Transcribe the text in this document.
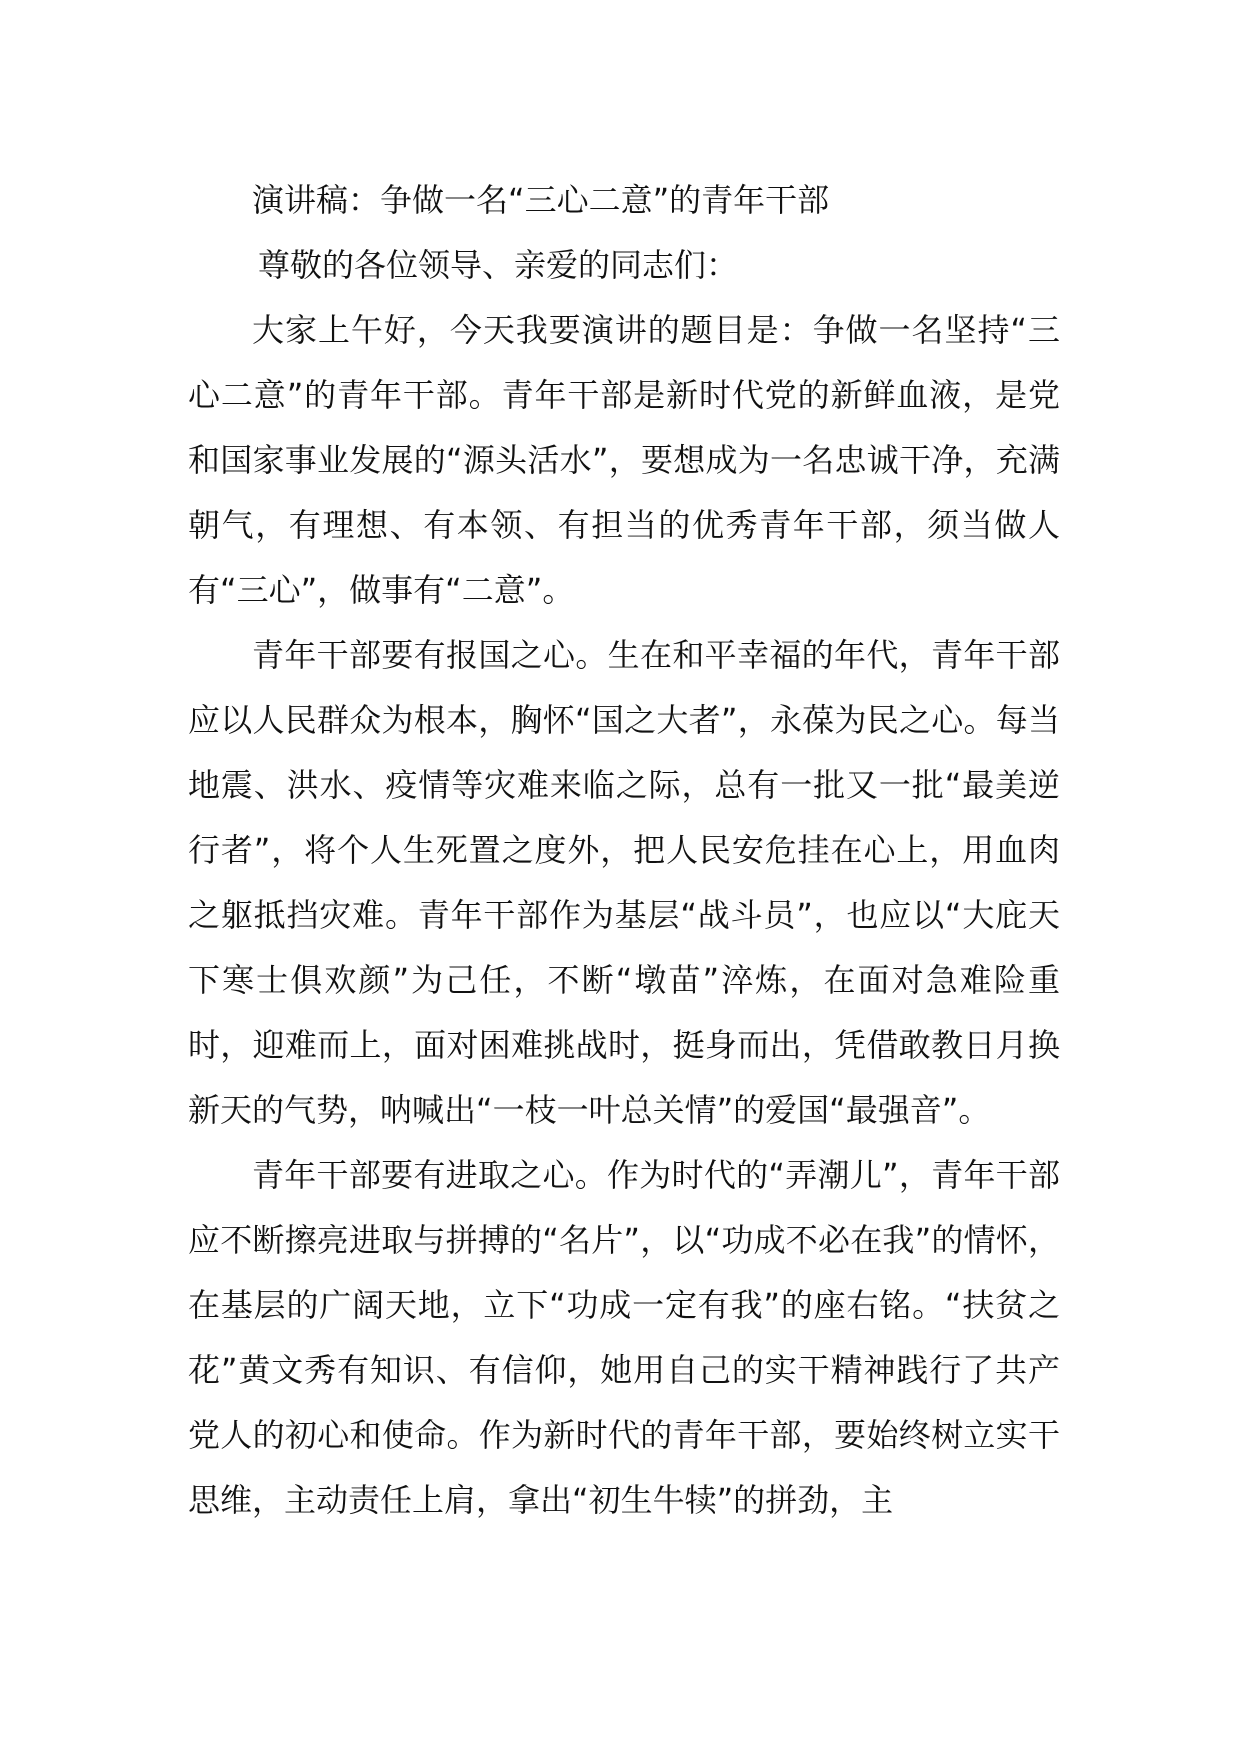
演讲稿：争做一名“三心二意”的青年干部

尊敬的各位领导、亲爱的同志们：

大家上午好，今天我要演讲的题目是：争做一名坚持“三心二意”的青年干部。青年干部是新时代党的新鲜血液，是党和国家事业发展的“源头活水”，要想成为一名忠诚干净，充满朝气，有理想、有本领、有担当的优秀青年干部，须当做人有“三心”，做事有“二意”。

青年干部要有报国之心。生在和平幸福的年代，青年干部应以人民群众为根本，胸怀“国之大者”，永葆为民之心。每当地震、洪水、疫情等灾难来临之际，总有一批又一批“最美逆行者”，将个人生死置之度外，把人民安危挂在心上，用血肉之躯抵挡灾难。青年干部作为基层“战斗员”，也应以“大庇天下寒士俱欢颜”为己任，不断“墩苗”淬炼，在面对急难险重时，迎难而上，面对困难挑战时，挺身而出，凭借敢教日月换新天的气势，呐喊出“一枝一叶总关情”的爱国“最强音”。

青年干部要有进取之心。作为时代的“弄潮儿”，青年干部应不断擦亮进取与拼搏的“名片”，以“功成不必在我”的情怀，在基层的广阔天地，立下“功成一定有我”的座右铭。“扶贫之花”黄文秀有知识、有信仰，她用自己的实干精神践行了共产党人的初心和使命。作为新时代的青年干部，要始终树立实干思维，主动责任上肩，拿出“初生牛犊”的拼劲，主
